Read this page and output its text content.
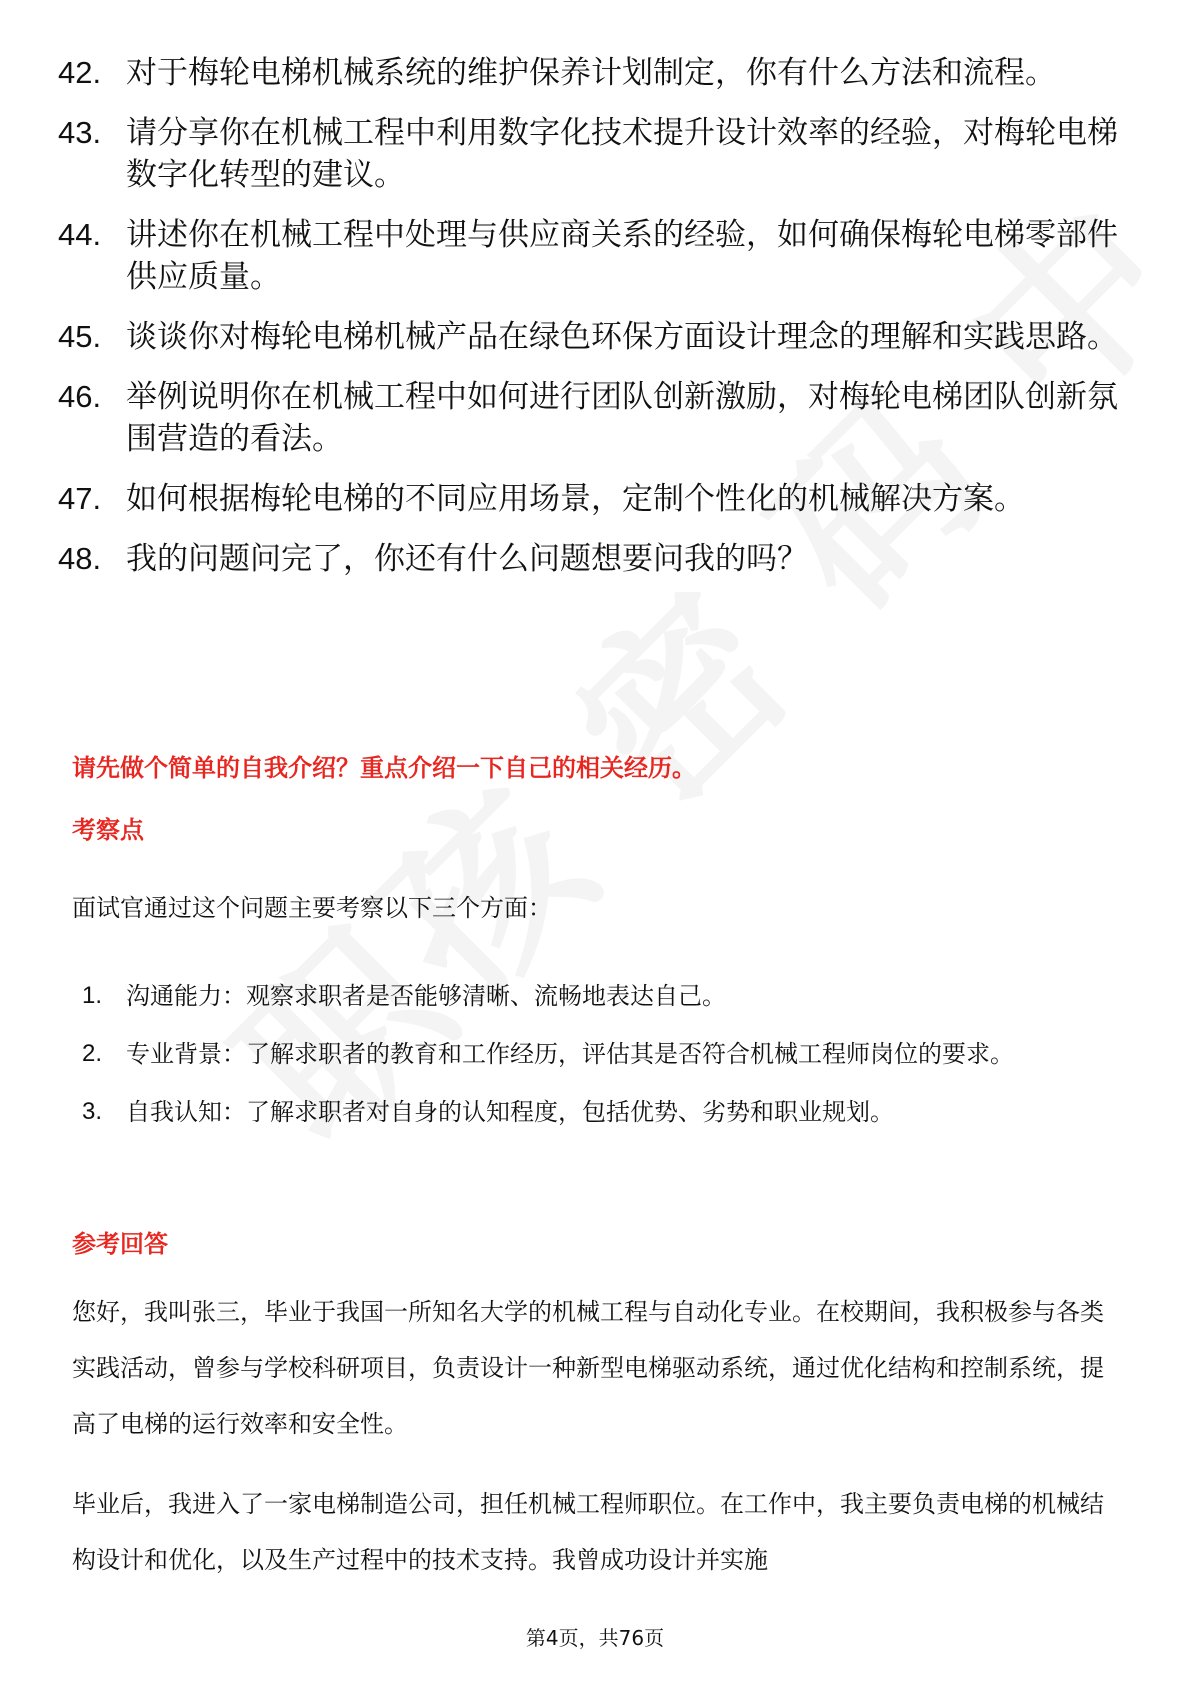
42. 对于梅轮电梯机械系统的维护保养计划制定，你有什么方法和流程。
43. 请分享你在机械工程中利用数字化技术提升设计效率的经验，对梅轮电梯数字化转型的建议。
44. 讲述你在机械工程中处理与供应商关系的经验，如何确保梅轮电梯零部件供应质量。
45. 谈谈你对梅轮电梯机械产品在绿色环保方面设计理念的理解和实践思路。
46. 举例说明你在机械工程中如何进行团队创新激励，对梅轮电梯团队创新氛围营造的看法。
47. 如何根据梅轮电梯的不同应用场景，定制个性化的机械解决方案。
48. 我的问题问完了，你还有什么问题想要问我的吗？
请先做个简单的自我介绍？重点介绍一下自己的相关经历。
考察点

面试官通过这个问题主要考察以下三个方面：

1. 沟通能力：观察求职者是否能够清晰、流畅地表达自己。
2. 专业背景：了解求职者的教育和工作经历，评估其是否符合机械工程师岗位的要求。
3. 自我认知：了解求职者对自身的认知程度，包括优势、劣势和职业规划。
参考回答

您好，我叫张三，毕业于我国一所知名大学的机械工程与自动化专业。在校期间，我积极参与各类实践活动，曾参与学校科研项目，负责设计一种新型电梯驱动系统，通过优化结构和控制系统，提高了电梯的运行效率和安全性。

毕业后，我进入了一家电梯制造公司，担任机械工程师职位。在工作中，我主要负责电梯的机械结构设计和优化，以及生产过程中的技术支持。我曾成功设计并实施

第4页，共76页
